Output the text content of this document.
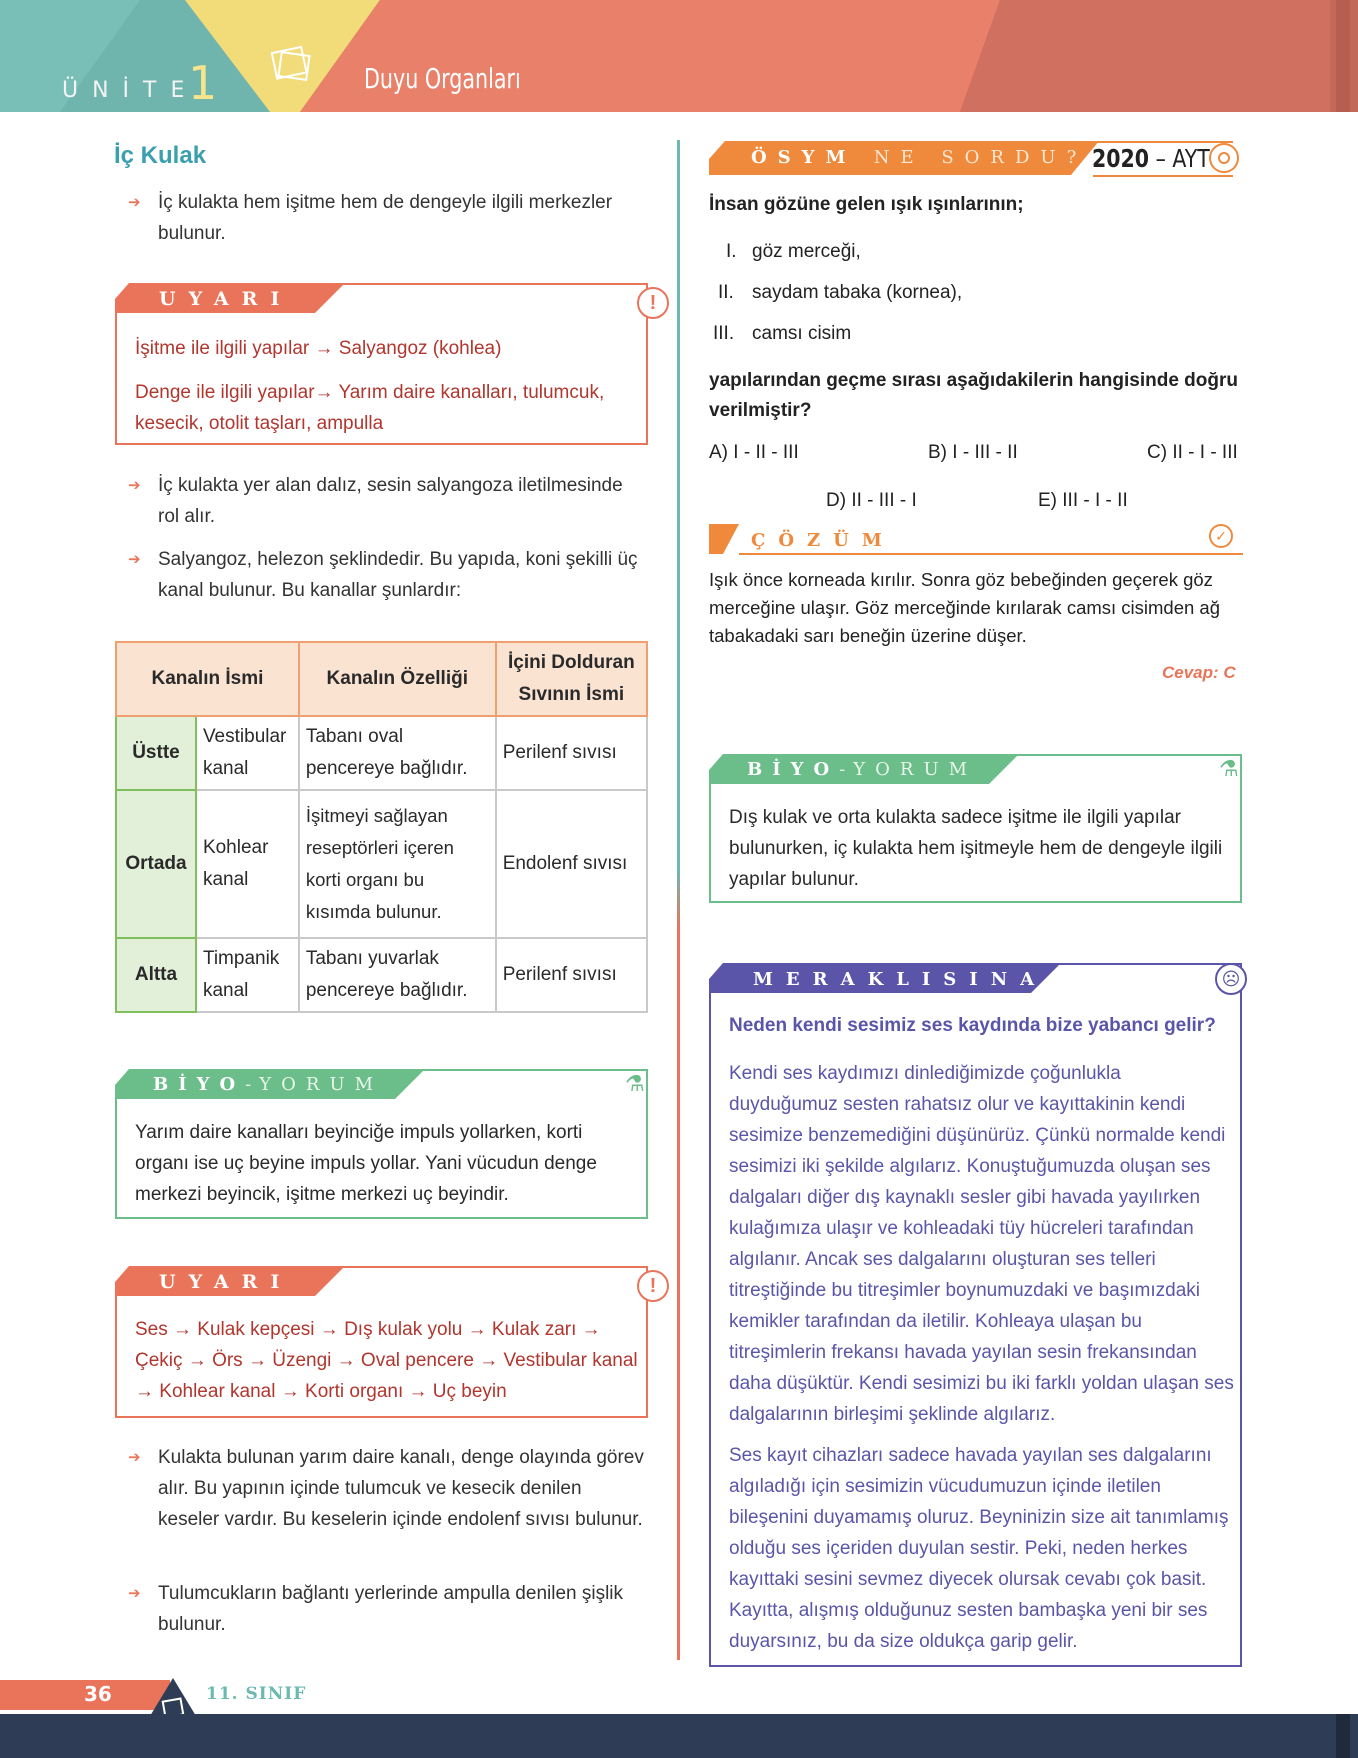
ÜNİTE
1	Duyu Organları
İç Kulak
➔ İç kulakta hem işitme hem de dengeyle ilgili merkezler bulunur.
UYARI	!
İşitme ile ilgili yapılar → Salyangoz (kohlea)
Denge ile ilgili yapılar→ Yarım daire kanalları, tulumcuk, kesecik, otolit taşları, ampulla
➔ İç kulakta yer alan dalız, sesin salyangoza iletilmesinde rol alır.
➔ Salyangoz, helezon şeklindedir. Bu yapıda, koni şekilli üç kanal bulunur. Bu kanallar şunlardır:
Kanalın İsmi		Kanalın Özelliği	İçini Dolduran Sıvının İsmi
Üstte	Vestibular kanal	Tabanı oval pencereye bağlıdır.	Perilenf sıvısı
Ortada	Kohlear kanal	İşitmeyi sağlayan reseptörleri içeren korti organı bu kısımda bulunur.	Endolenf sıvısı
Altta	Timpanik kanal	Tabanı yuvarlak pencereye bağlıdır.	Perilenf sıvısı
BİYO-YORUM	⚗
Yarım daire kanalları beyinciğe impuls yollarken, korti organı ise uç beyine impuls yollar. Yani vücudun denge merkezi beyincik, işitme merkezi uç beyindir.
UYARI	!
Ses → Kulak kepçesi → Dış kulak yolu → Kulak zarı → Çekiç → Örs → Üzengi → Oval pencere → Vestibular kanal → Kohlear kanal → Korti organı → Uç beyin
➔ Kulakta bulunan yarım daire kanalı, denge olayında görev alır. Bu yapının içinde tulumcuk ve kesecik denilen keseler vardır. Bu keselerin içinde endolenf sıvısı bulunur.
➔ Tulumcukların bağlantı yerlerinde ampulla denilen şişlik bulunur.
ÖSYM NE SORDU? 2020 – AYT
İnsan gözüne gelen ışık ışınlarının;
I. göz merceği,
II. saydam tabaka (kornea),
III. camsı cisim
yapılarından geçme sırası aşağıdakilerin hangisinde doğru verilmiştir?
A) I - II - III	B) I - III - II	C) II - I - III
D) II - III - I	E) III - I - II
ÇÖZÜM	✓
Işık önce korneada kırılır. Sonra göz bebeğinden geçerek göz merceğine ulaşır. Göz merceğinde kırılarak camsı cisimden ağ tabakadaki sarı beneğin üzerine düşer.
Cevap: C
BİYO-YORUM	⚗
Dış kulak ve orta kulakta sadece işitme ile ilgili yapılar bulunurken, iç kulakta hem işitmeyle hem de dengeyle ilgili yapılar bulunur.
MERAKLISINA	☹
Neden kendi sesimiz ses kaydında bize yabancı gelir?
Kendi ses kaydımızı dinlediğimizde çoğunlukla duyduğumuz sesten rahatsız olur ve kayıttakinin kendi sesimize benzemediğini düşünürüz. Çünkü normalde kendi sesimizi iki şekilde algılarız. Konuştuğumuzda oluşan ses dalgaları diğer dış kaynaklı sesler gibi havada yayılırken kulağımıza ulaşır ve kohleadaki tüy hücreleri tarafından algılanır. Ancak ses dalgalarını oluşturan ses telleri titreştiğinde bu titreşimler boynumuzdaki ve başımızdaki kemikler tarafından da iletilir. Kohleaya ulaşan bu titreşimlerin frekansı havada yayılan sesin frekansından daha düşüktür. Kendi sesimizi bu iki farklı yoldan ulaşan ses dalgalarının birleşimi şeklinde algılarız.
Ses kayıt cihazları sadece havada yayılan ses dalgalarını algıladığı için sesimizin vücudumuzun içinde iletilen bileşenini duyamamış oluruz. Beyninizin size ait tanımlamış olduğu ses içeriden duyulan sestir. Peki, neden herkes kayıttaki sesini sevmez diyecek olursak cevabı çok basit. Kayıtta, alışmış olduğunuz sesten bambaşka yeni bir ses duyarsınız, bu da size oldukça garip gelir.
36	11. SINIF
